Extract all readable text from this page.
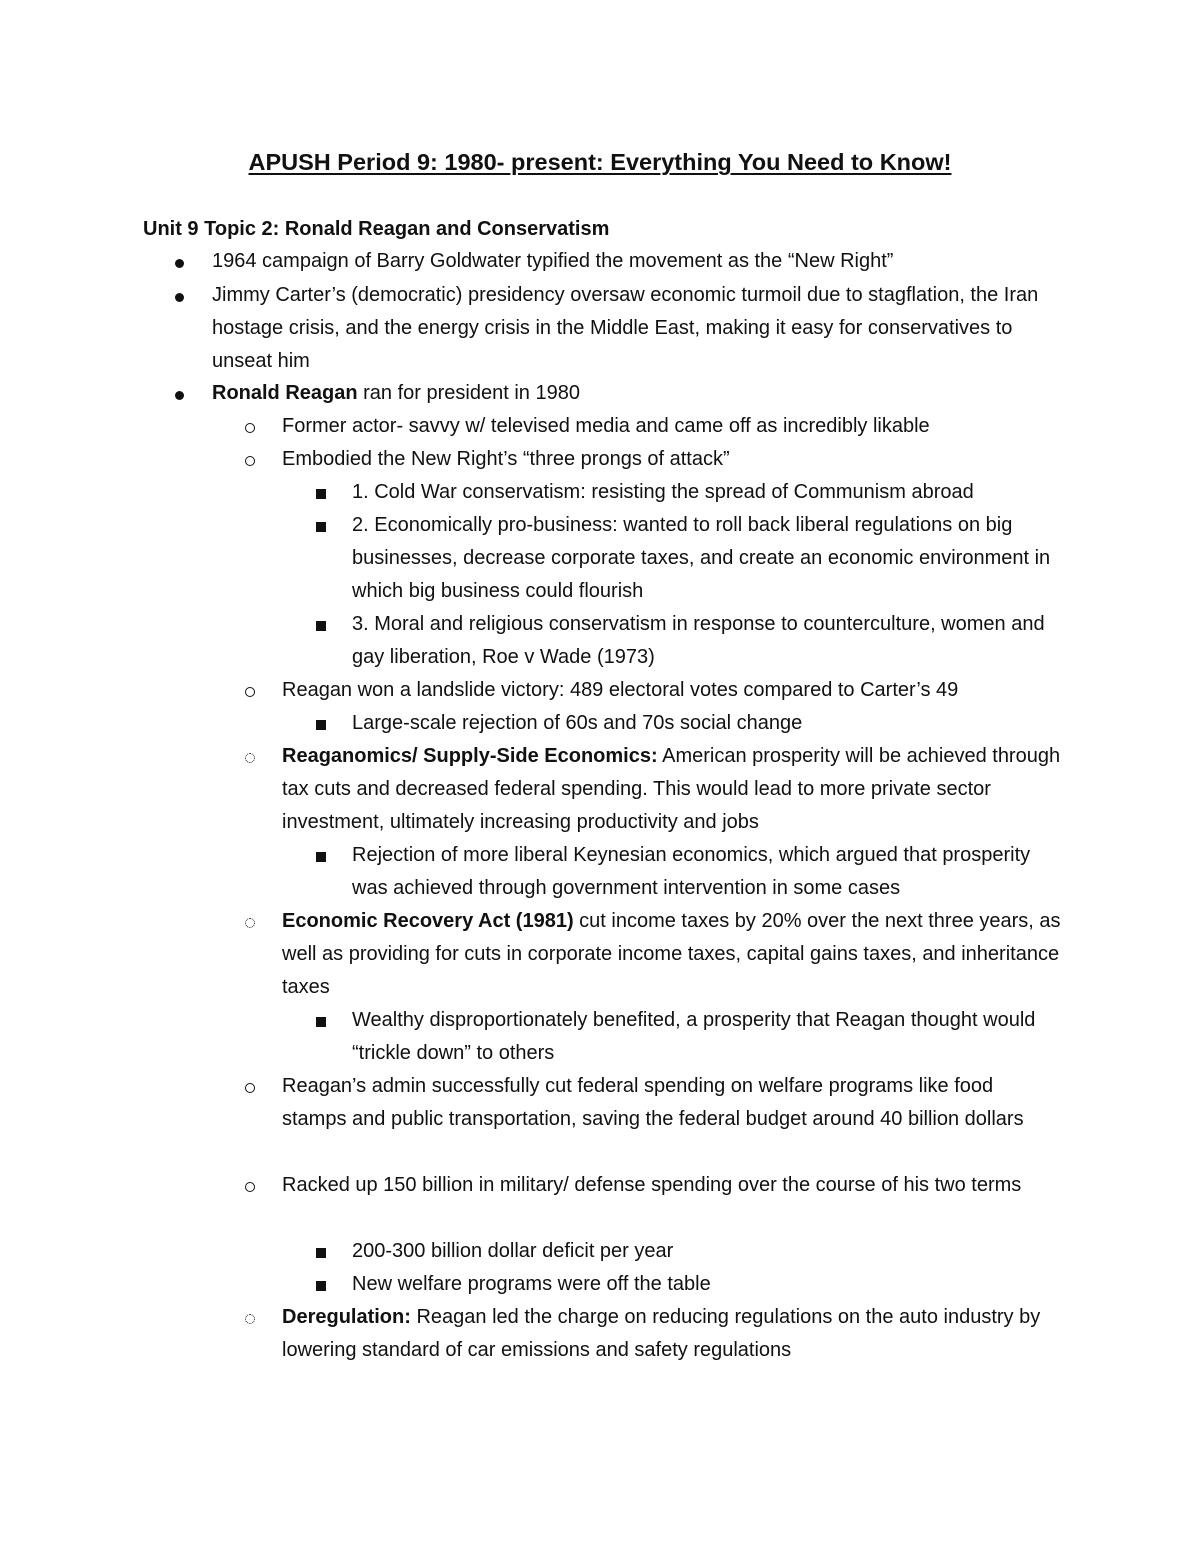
APUSH Period 9: 1980- present: Everything You Need to Know!
Unit 9 Topic 2: Ronald Reagan and Conservatism

1964 campaign of Barry Goldwater typified the movement as the “New Right”

Jimmy Carter’s (democratic) presidency oversaw economic turmoil due to stagflation, the Iran hostage crisis, and the energy crisis in the Middle East, making it easy for conservatives to unseat him

Ronald Reagan ran for president in 1980

Former actor- savvy w/ televised media and came off as incredibly likable

Embodied the New Right’s “three prongs of attack”

1. Cold War conservatism: resisting the spread of Communism abroad

2. Economically pro-business: wanted to roll back liberal regulations on big businesses, decrease corporate taxes, and create an economic environment in which big business could flourish

3. Moral and religious conservatism in response to counterculture, women and gay liberation, Roe v Wade (1973)

Reagan won a landslide victory: 489 electoral votes compared to Carter’s 49

Large-scale rejection of 60s and 70s social change

Reaganomics/ Supply-Side Economics: American prosperity will be achieved through tax cuts and decreased federal spending. This would lead to more private sector investment, ultimately increasing productivity and jobs

Rejection of more liberal Keynesian economics, which argued that prosperity was achieved through government intervention in some cases

Economic Recovery Act (1981) cut income taxes by 20% over the next three years, as well as providing for cuts in corporate income taxes, capital gains taxes, and inheritance taxes

Wealthy disproportionately benefited, a prosperity that Reagan thought would “trickle down” to others

Reagan’s admin successfully cut federal spending on welfare programs like food stamps and public transportation, saving the federal budget around 40 billion dollars

Racked up 150 billion in military/ defense spending over the course of his two terms

200-300 billion dollar deficit per year

New welfare programs were off the table

Deregulation: Reagan led the charge on reducing regulations on the auto industry by lowering standard of car emissions and safety regulations
